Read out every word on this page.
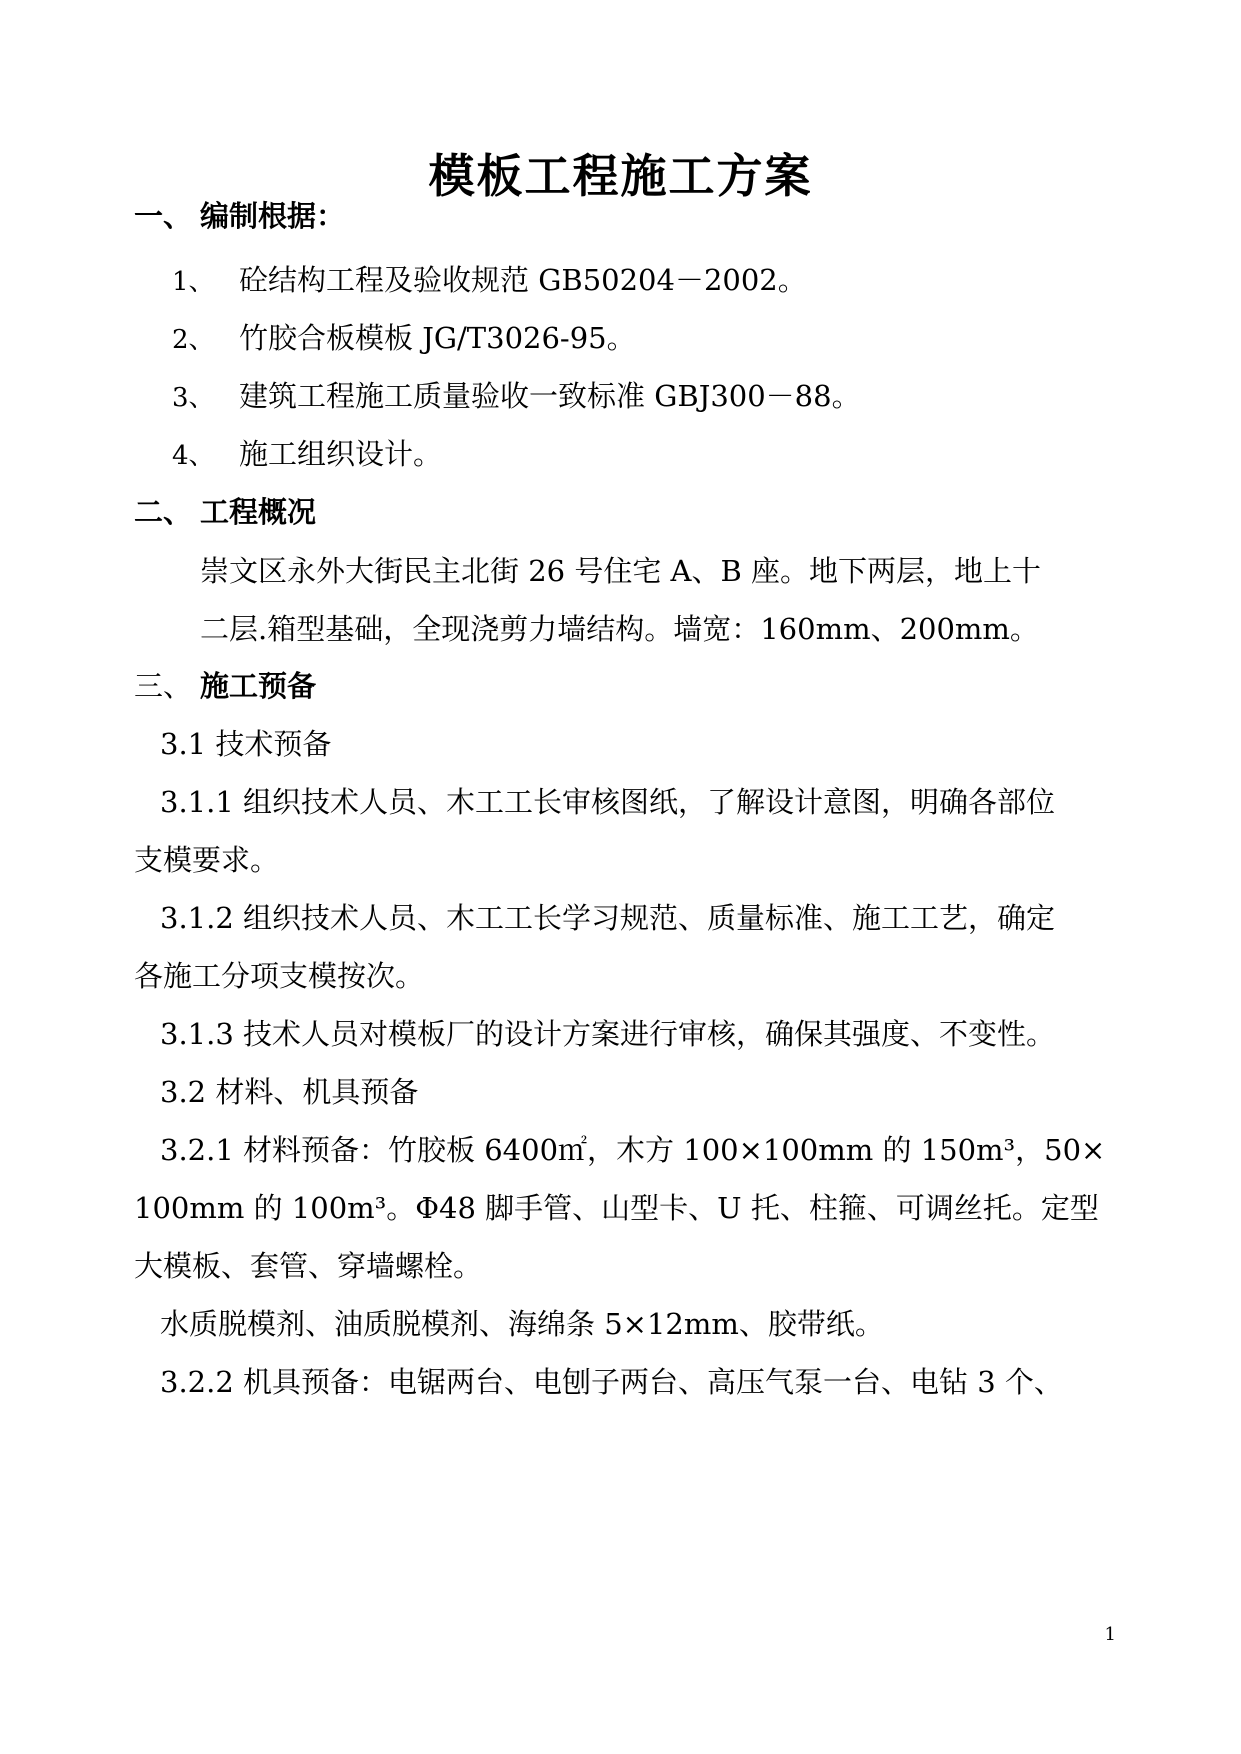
模板工程施工方案
一、 编制根据：
1、 砼结构工程及验收规范 GB50204－2002。
2、 竹胶合板模板 JG/T3026-95。
3、 建筑工程施工质量验收一致标准 GBJ300－88。
4、 施工组织设计。
二、 工程概况
崇文区永外大街民主北街 26 号住宅 A、B 座。地下两层，地上十
二层.箱型基础，全现浇剪力墙结构。墙宽：160mm、200mm。
三、 施工预备
3.1 技术预备
3.1.1 组织技术人员、木工工长审核图纸，了解设计意图，明确各部位
支模要求。
3.1.2 组织技术人员、木工工长学习规范、质量标准、施工工艺，确定
各施工分项支模按次。
3.1.3 技术人员对模板厂的设计方案进行审核，确保其强度、不变性。
3.2 材料、机具预备
3.2.1 材料预备：竹胶板 6400㎡，木方 100×100mm 的 150m³，50×
100mm 的 100m³。Φ48 脚手管、山型卡、U 托、柱箍、可调丝托。定型
大模板、套管、穿墙螺栓。
水质脱模剂、油质脱模剂、海绵条 5×12mm、胶带纸。
3.2.2 机具预备：电锯两台、电刨子两台、高压气泵一台、电钻 3 个、
1
